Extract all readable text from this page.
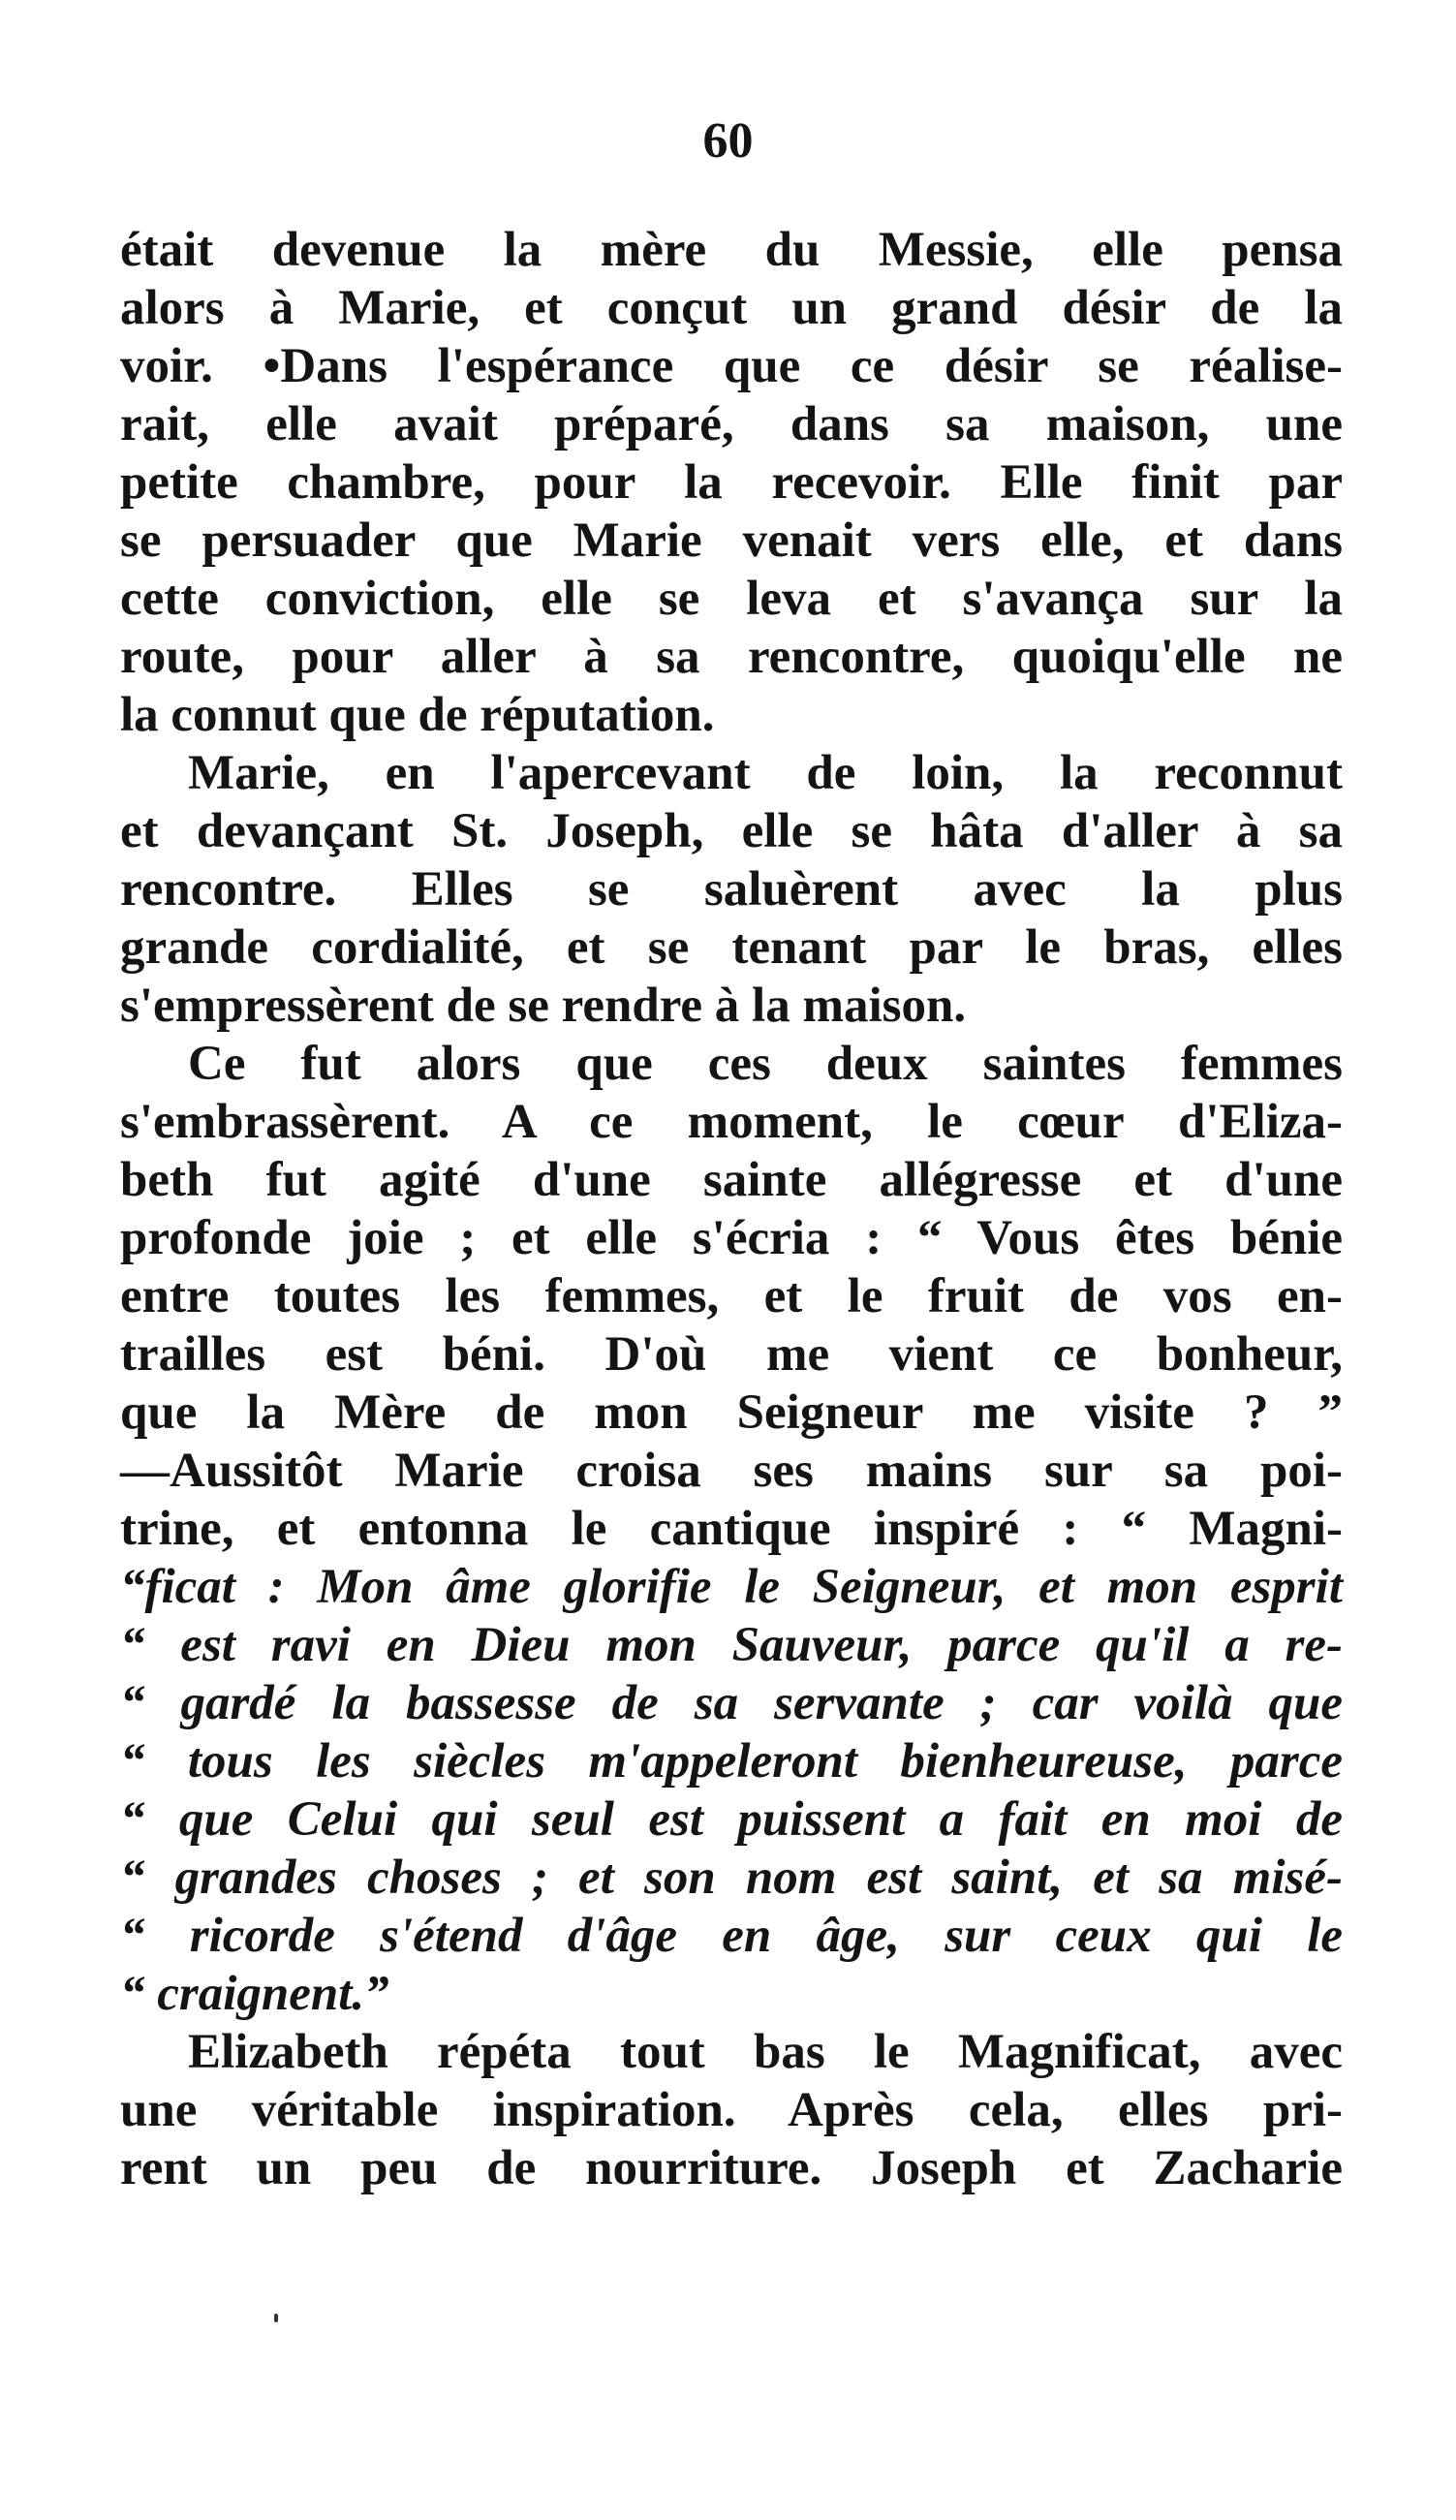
60
était devenue la mère du Messie, elle pensa
alors à Marie, et conçut un grand désir de la
voir. •Dans l'espérance que ce désir se réalise-
rait, elle avait préparé, dans sa maison, une
petite chambre, pour la recevoir. Elle finit par
se persuader que Marie venait vers elle, et dans
cette conviction, elle se leva et s'avança sur la
route, pour aller à sa rencontre, quoiqu'elle ne
la connut que de réputation.
Marie, en l'apercevant de loin, la reconnut
et devançant St. Joseph, elle se hâta d'aller à sa
rencontre. Elles se saluèrent avec la plus
grande cordialité, et se tenant par le bras, elles
s'empressèrent de se rendre à la maison.
Ce fut alors que ces deux saintes femmes
s'embrassèrent. A ce moment, le cœur d'Eliza-
beth fut agité d'une sainte allégresse et d'une
profonde joie ; et elle s'écria : “ Vous êtes bénie
entre toutes les femmes, et le fruit de vos en-
trailles est béni. D'où me vient ce bonheur,
que la Mère de mon Seigneur me visite ? ”
—Aussitôt Marie croisa ses mains sur sa poi-
trine, et entonna le cantique inspiré : “ Magni-
“ficat : Mon âme glorifie le Seigneur, et mon esprit
“ est ravi en Dieu mon Sauveur, parce qu'il a re-
“ gardé la bassesse de sa servante ; car voilà que
“ tous les siècles m'appeleront bienheureuse, parce
“ que Celui qui seul est puissent a fait en moi de
“ grandes choses ; et son nom est saint, et sa misé-
“ ricorde s'étend d'âge en âge, sur ceux qui le
“ craignent.”
Elizabeth répéta tout bas le Magnificat, avec
une véritable inspiration. Après cela, elles pri-
rent un peu de nourriture. Joseph et Zacharie
